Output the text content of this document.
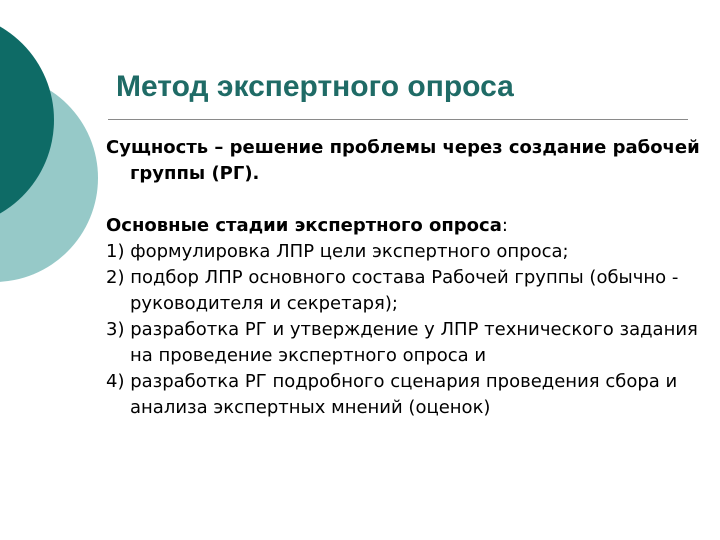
Метод экспертного опроса

Сущность – решение проблемы через создание рабочей группы (РГ).

Основные стадии экспертного опроса:

1) формулировка ЛПР цели экспертного опроса;

2) подбор ЛПР основного состава Рабочей группы (обычно - руководителя и секретаря);

3) разработка РГ и утверждение у ЛПР технического задания на проведение экспертного опроса и

4) разработка РГ подробного сценария проведения сбора и анализа экспертных мнений (оценок)
